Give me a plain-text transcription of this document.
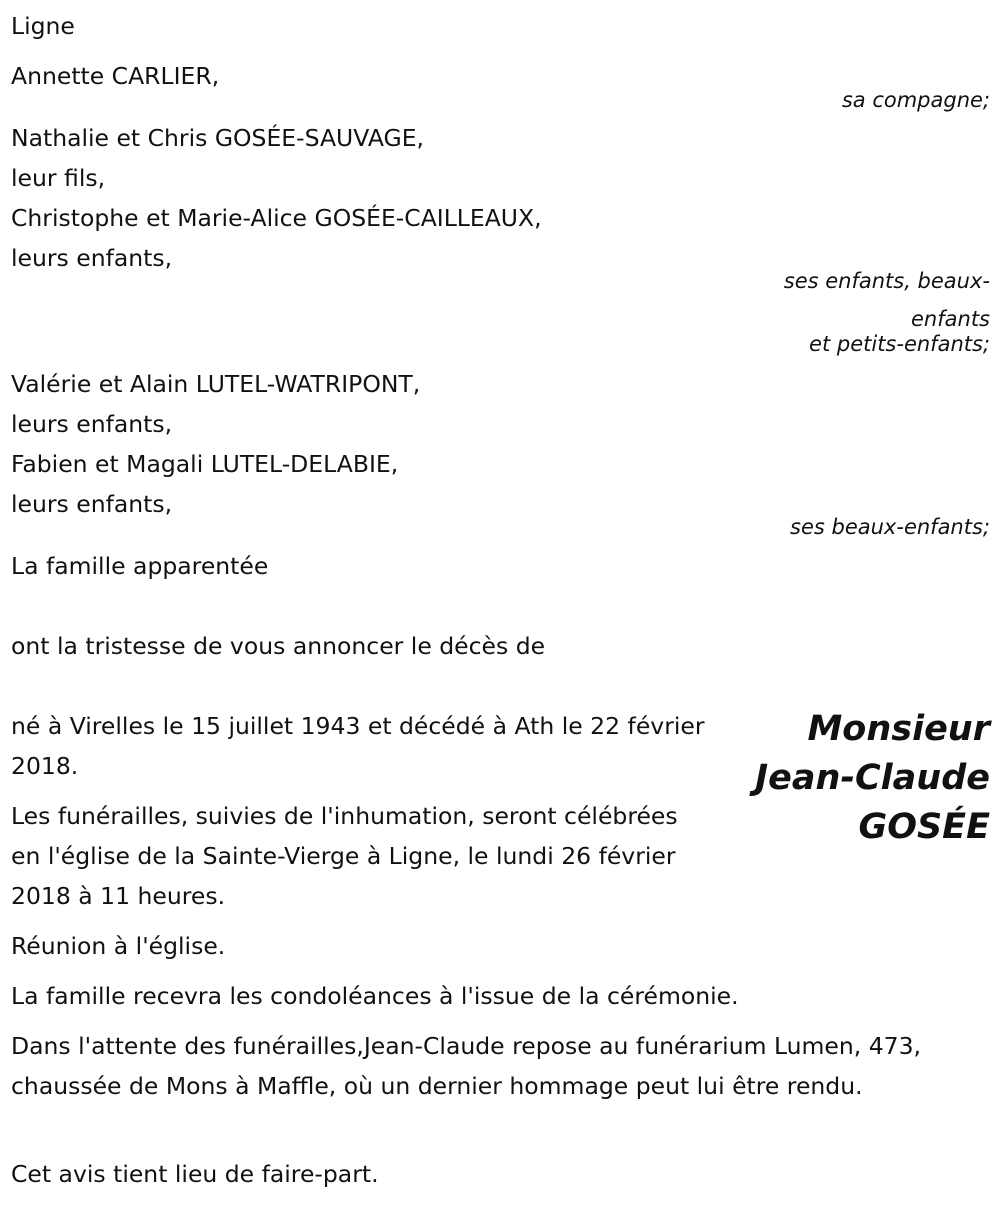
Ligne
Annette CARLIER,
sa compagne;
Nathalie et Chris GOSÉE-SAUVAGE,
leur fils,
Christophe et Marie-Alice GOSÉE-CAILLEAUX,
leurs enfants,
ses enfants, beaux-enfants
et petits-enfants;
Valérie et Alain LUTEL-WATRIPONT,
leurs enfants,
Fabien et Magali LUTEL-DELABIE,
leurs enfants,
ses beaux-enfants;
La famille apparentée
ont la tristesse de vous annoncer le décès de
Monsieur
Jean-Claude
GOSÉE
né à Virelles le 15 juillet 1943 et décédé à Ath le 22 février 2018.
Les funérailles, suivies de l'inhumation, seront célébrées en l'église de la Sainte-Vierge à Ligne, le lundi 26 février 2018 à 11 heures.
Réunion à l'église.
La famille recevra les condoléances à l'issue de la cérémonie.
Dans l'attente des funérailles,Jean-Claude repose au funérarium Lumen, 473, chaussée de Mons à Maffle, où un dernier hommage peut lui être rendu.
Cet avis tient lieu de faire-part.
